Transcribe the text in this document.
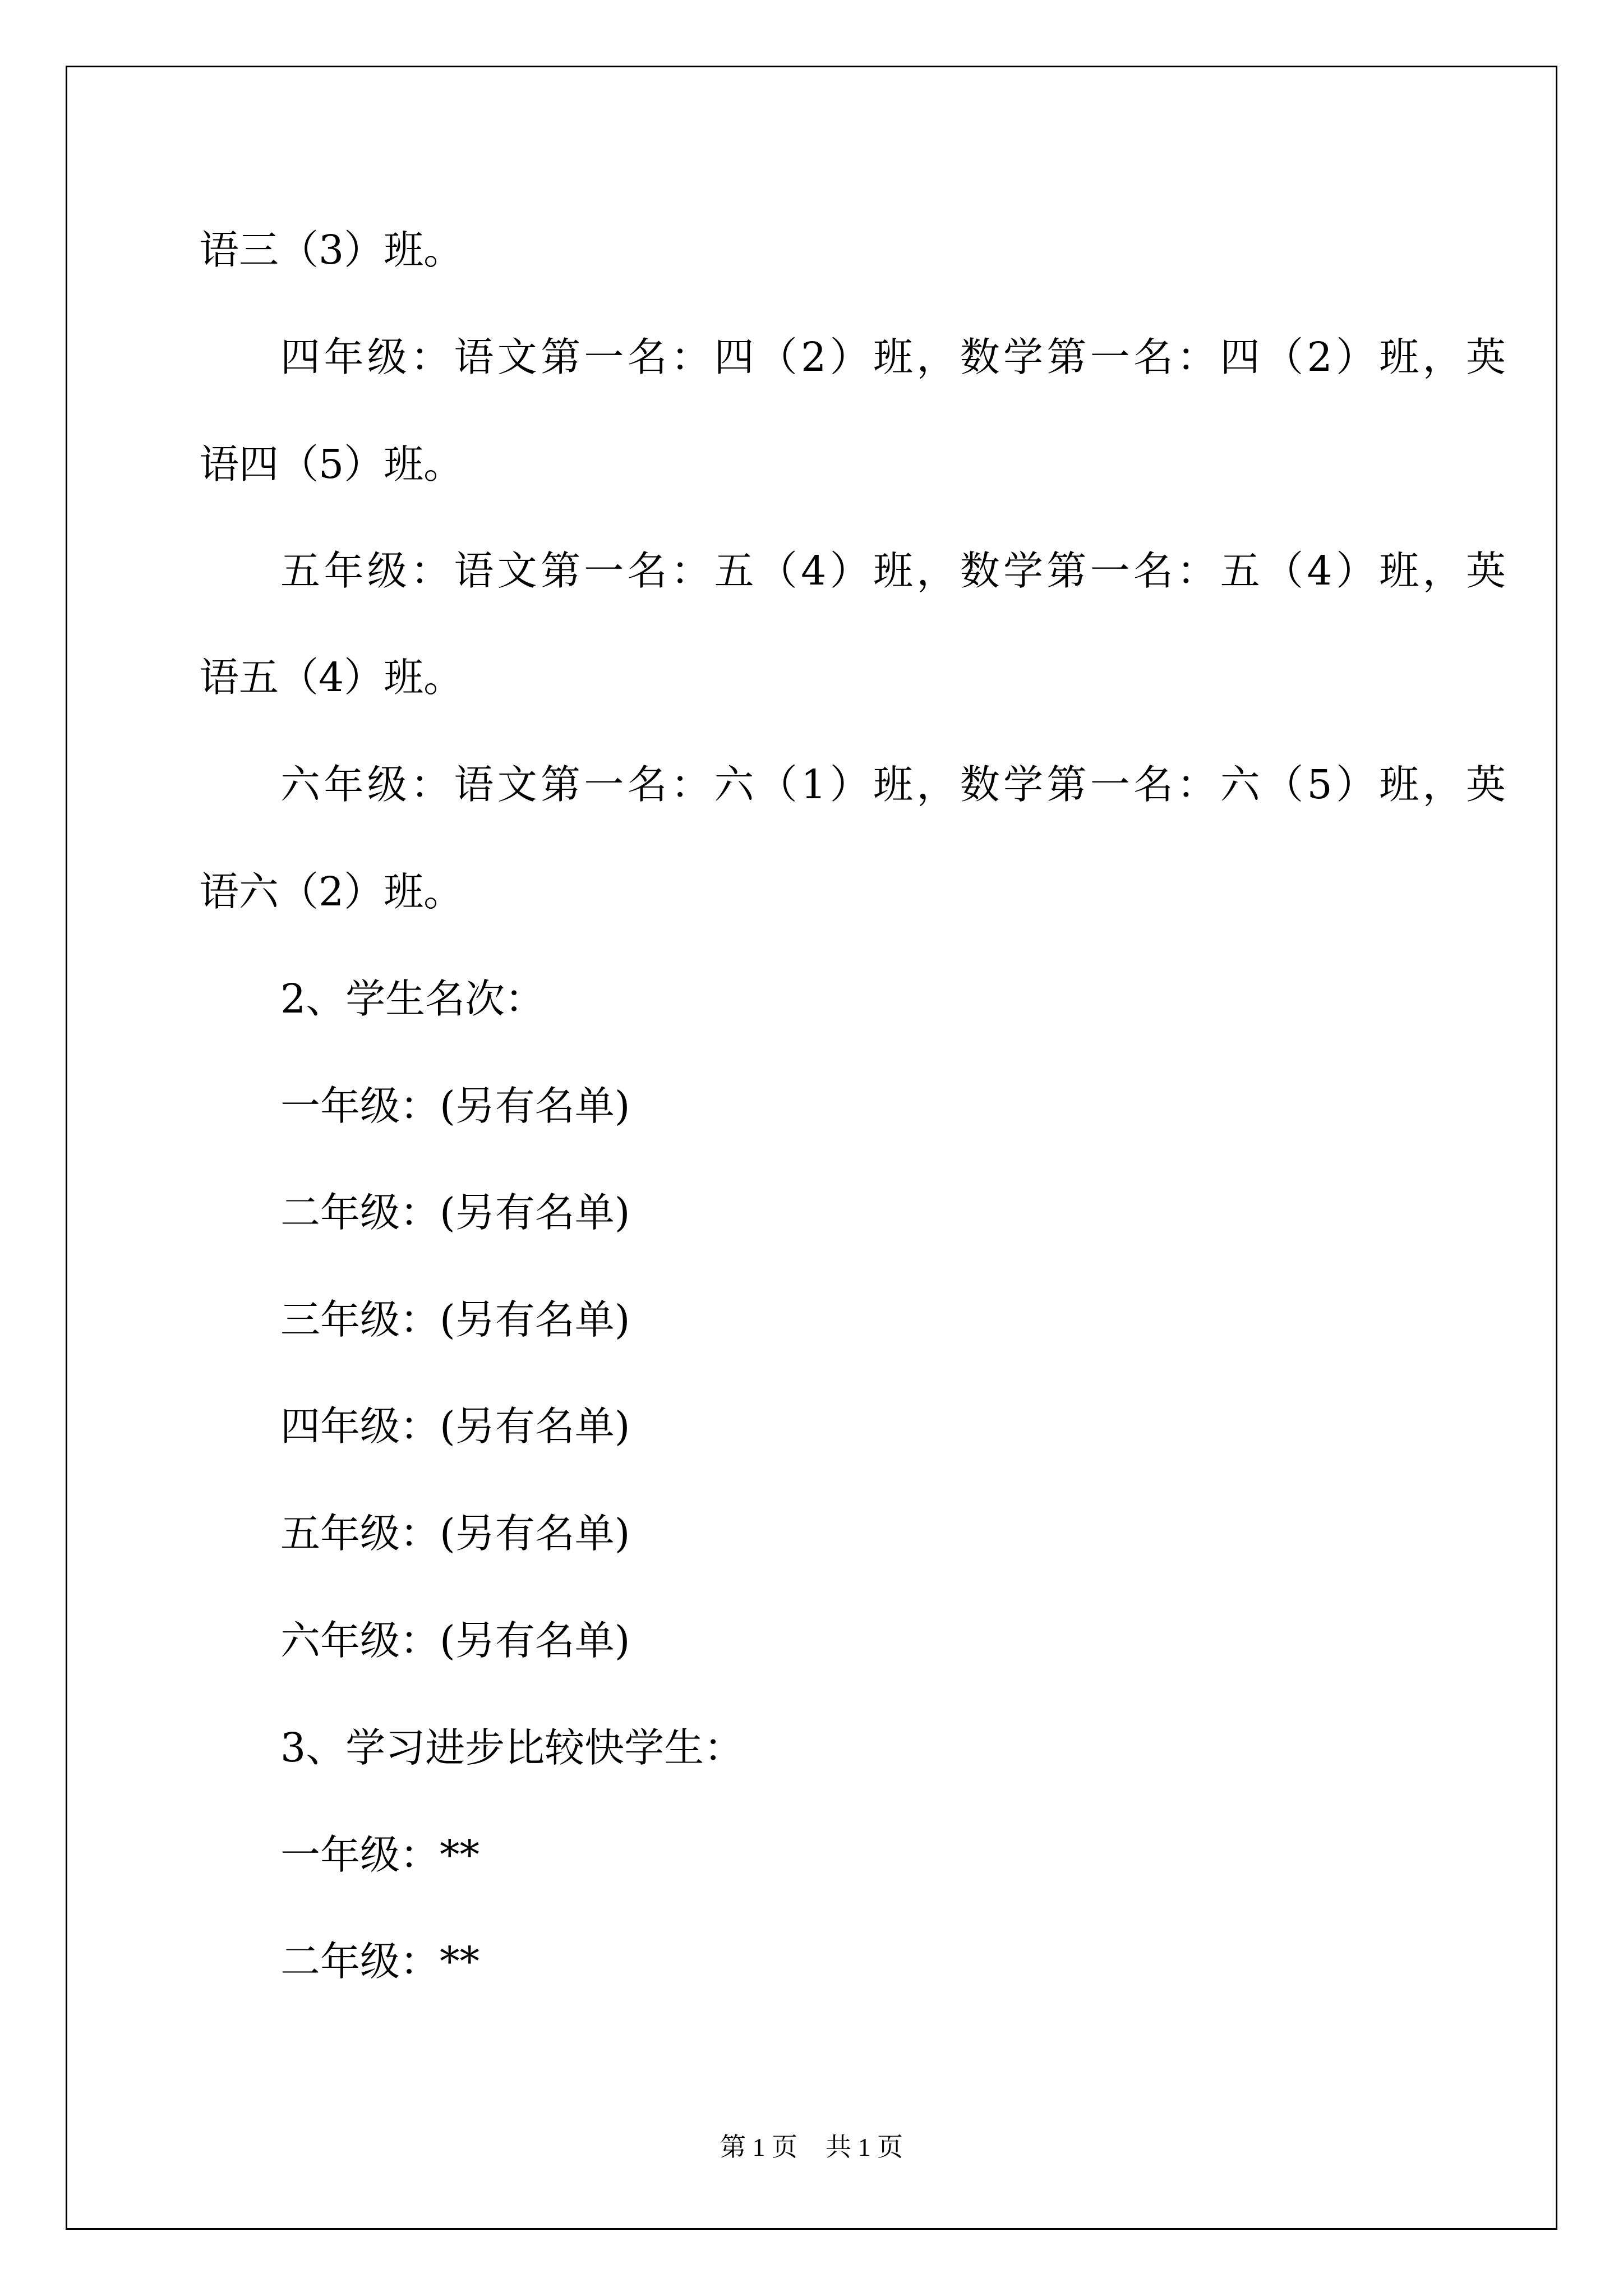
语三（3）班。

四年级：语文第一名：四（2）班，数学第一名：四（2）班，英

语四（5）班。

五年级：语文第一名：五（4）班，数学第一名：五（4）班，英

语五（4）班。

六年级：语文第一名：六（1）班，数学第一名：六（5）班，英

语六（2）班。

2、学生名次：

一年级：(另有名单)

二年级：(另有名单)

三年级：(另有名单)

四年级：(另有名单)

五年级：(另有名单)

六年级：(另有名单)

3、学习进步比较快学生：

一年级：**

二年级：**

第 1 页 共 1 页
